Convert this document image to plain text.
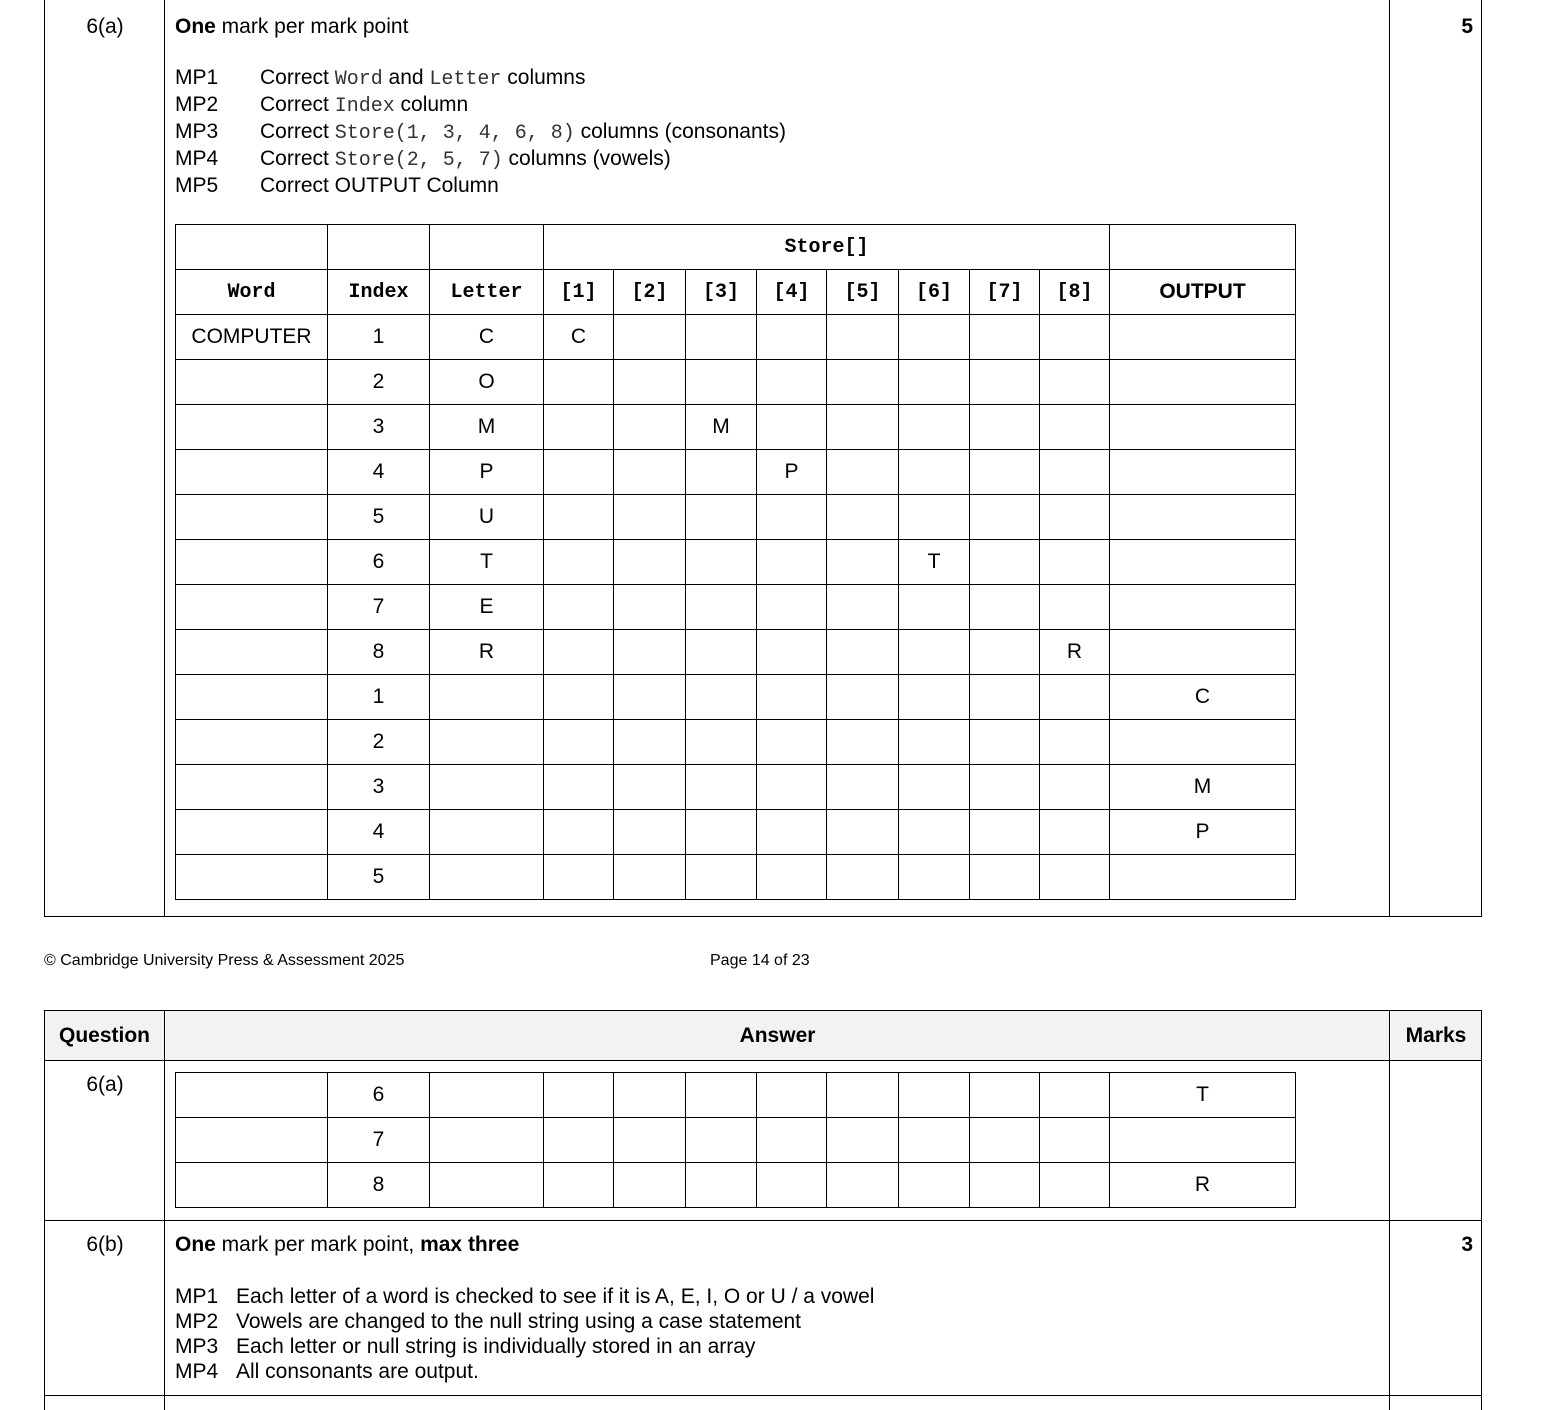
6(a)	5
One mark per mark point
MP1 Correct Word and Letter columns
MP2 Correct Index column
MP3 Correct Store(1, 3, 4, 6, 8) columns (consonants)
MP4 Correct Store(2, 5, 7) columns (vowels)
MP5 Correct OUTPUT Column
			Store[]								
Word	Index	Letter	[1]	[2]	[3]	[4]	[5]	[6]	[7]	[8]	OUTPUT
COMPUTER	1	C	C								
	2	O									
	3	M			M						
	4	P				P					
	5	U									
	6	T						T			
	7	E									
	8	R								R	
	1										C
	2										
	3										M
	4										P
	5										
© Cambridge University Press & Assessment 2025	Page 14 of 23
Question	Answer	Marks
6(a)
		6										T
	7										
	8										R
6(b)	3
One mark per mark point, max three
MP1 Each letter of a word is checked to see if it is A, E, I, O or U / a vowel
MP2 Vowels are changed to the null string using a case statement
MP3 Each letter or null string is individually stored in an array
MP4 All consonants are output.
